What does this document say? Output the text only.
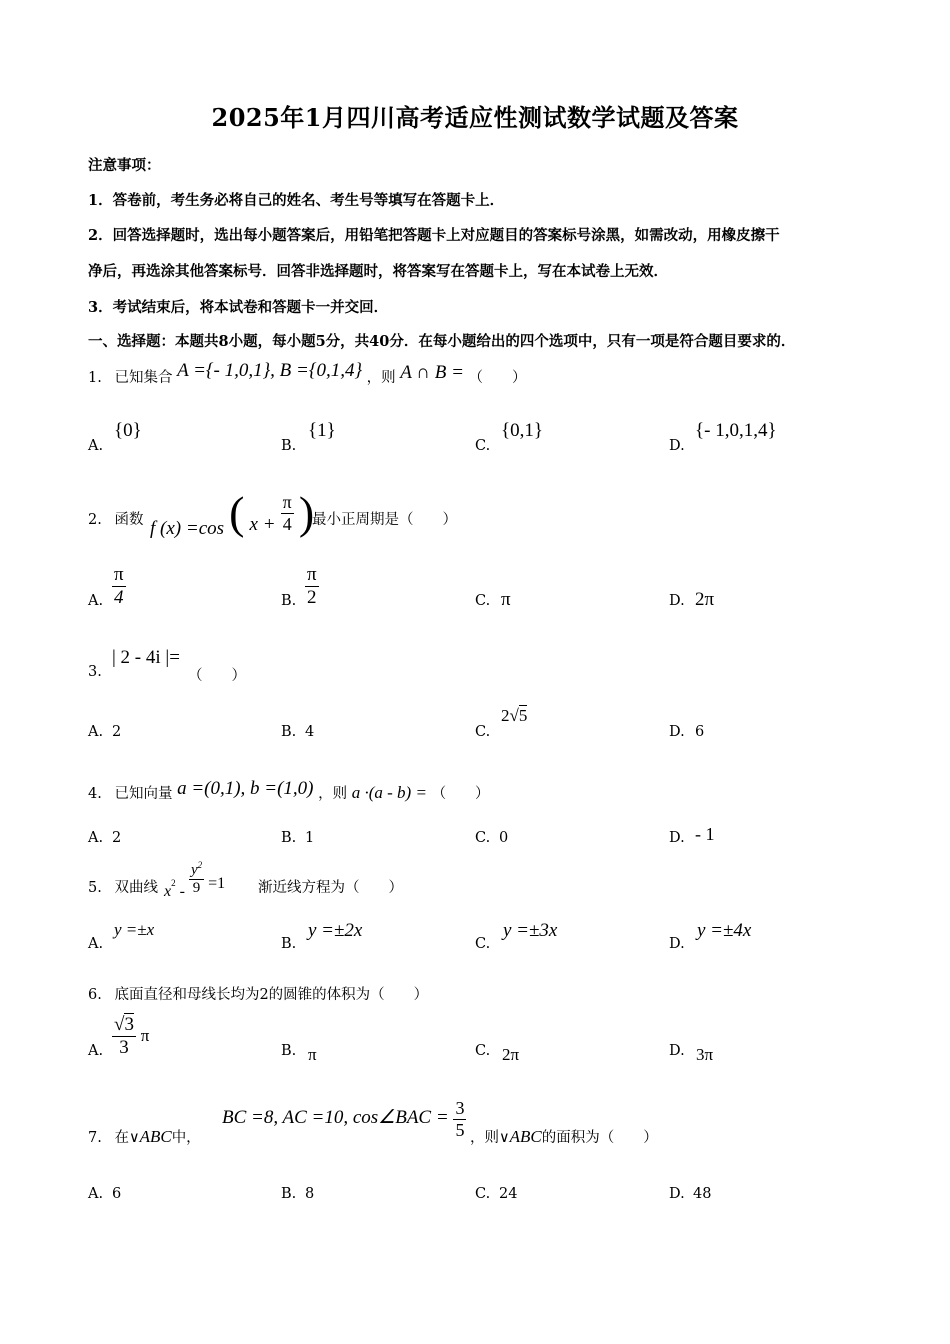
2025年1月四川高考适应性测试数学试题及答案
注意事项：
1．答卷前，考生务必将自己的姓名、考生号等填写在答题卡上．
2．回答选择题时，选出每小题答案后，用铅笔把答题卡上对应题目的答案标号涂黑，如需改动，用橡皮擦干
净后，再选涂其他答案标号．回答非选择题时，将答案写在答题卡上，写在本试卷上无效．
3．考试结束后，将本试卷和答题卡一并交回．
一、选择题：本题共8小题，每小题5分，共40分．在每小题给出的四个选项中，只有一项是符合题目要求的．
1. 已知集合 A ={- 1,0,1}, B ={0,1,4} ，则 A ∩ B = （　　）
A.
{0}
B.
{1}
C.
{0,1}
D.
{- 1,0,1,4}
2. 函数 f (x) =cos ( $x + \frac{\pi}{4}$ )
最小正周期是（　　）
A. $\frac{\pi}{4}$	B. $\frac{\pi}{2}$	C. π	D. 2π
3.
| 2 - 4i |=
（　　）
A. 2	B. 4	C.
2√5
D. 6
4. 已知向量 a =(0,1), b =(1,0) ，则 a ·(a - b) = （　　）
A. 2	B. 1	C. 0	D. - 1
5. 双曲线 $x^2 - \frac{y^2}{9} =1$ 渐近线方程为（　　）
A.
y =±x
B.
y =±2x
C.
y =±3x
D.
y =±4x
6. 底面直径和母线长均为2的圆锥的体积为（　　）
A. $\frac{√3}{3}$ π
B. π	C. 2π	D. 3π
7. 在∨ABC中，
BC =8, AC =10, cos∠BAC = $\frac{3}{5}$ ，则∨ABC的面积为（　　）
A. 6	B. 8	C. 24	D. 48
